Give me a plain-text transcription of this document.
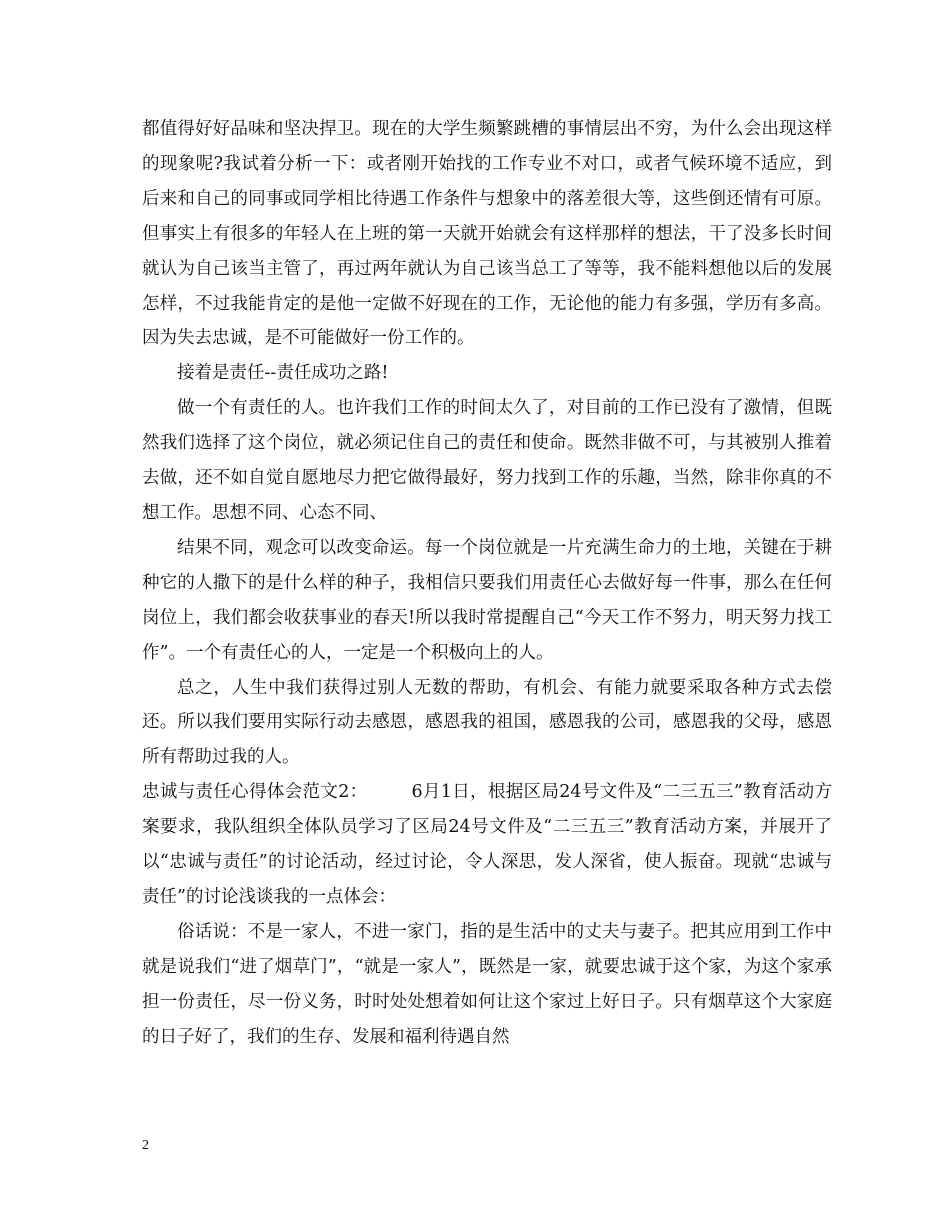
都值得好好品味和坚决捍卫。现在的大学生频繁跳槽的事情层出不穷，为什么会出现这样的现象呢?我试着分析一下：或者刚开始找的工作专业不对口，或者气候环境不适应，到后来和自己的同事或同学相比待遇工作条件与想象中的落差很大等，这些倒还情有可原。但事实上有很多的年轻人在上班的第一天就开始就会有这样那样的想法，干了没多长时间就认为自己该当主管了，再过两年就认为自己该当总工了等等，我不能料想他以后的发展怎样，不过我能肯定的是他一定做不好现在的工作，无论他的能力有多强，学历有多高。因为失去忠诚，是不可能做好一份工作的。

接着是责任--责任成功之路!

做一个有责任的人。也许我们工作的时间太久了，对目前的工作已没有了激情，但既然我们选择了这个岗位，就必须记住自己的责任和使命。既然非做不可，与其被别人推着去做，还不如自觉自愿地尽力把它做得最好，努力找到工作的乐趣，当然，除非你真的不想工作。思想不同、心态不同、

结果不同，观念可以改变命运。每一个岗位就是一片充满生命力的土地，关键在于耕种它的人撒下的是什么样的种子，我相信只要我们用责任心去做好每一件事，那么在任何岗位上，我们都会收获事业的春天!所以我时常提醒自己“今天工作不努力，明天努力找工作”。一个有责任心的人，一定是一个积极向上的人。

总之，人生中我们获得过别人无数的帮助，有机会、有能力就要采取各种方式去偿还。所以我们要用实际行动去感恩，感恩我的祖国，感恩我的公司，感恩我的父母，感恩所有帮助过我的人。

忠诚与责任心得体会范文2：	6月1日，根据区局24号文件及“二三五三”教育活动方案要求，我队组织全体队员学习了区局24号文件及“二三五三”教育活动方案，并展开了以“忠诚与责任”的讨论活动，经过讨论，令人深思，发人深省，使人振奋。现就“忠诚与责任”的讨论浅谈我的一点体会：

俗话说：不是一家人，不进一家门，指的是生活中的丈夫与妻子。把其应用到工作中就是说我们“进了烟草门”，“就是一家人”，既然是一家，就要忠诚于这个家，为这个家承担一份责任，尽一份义务，时时处处想着如何让这个家过上好日子。只有烟草这个大家庭的日子好了，我们的生存、发展和福利待遇自然

2
